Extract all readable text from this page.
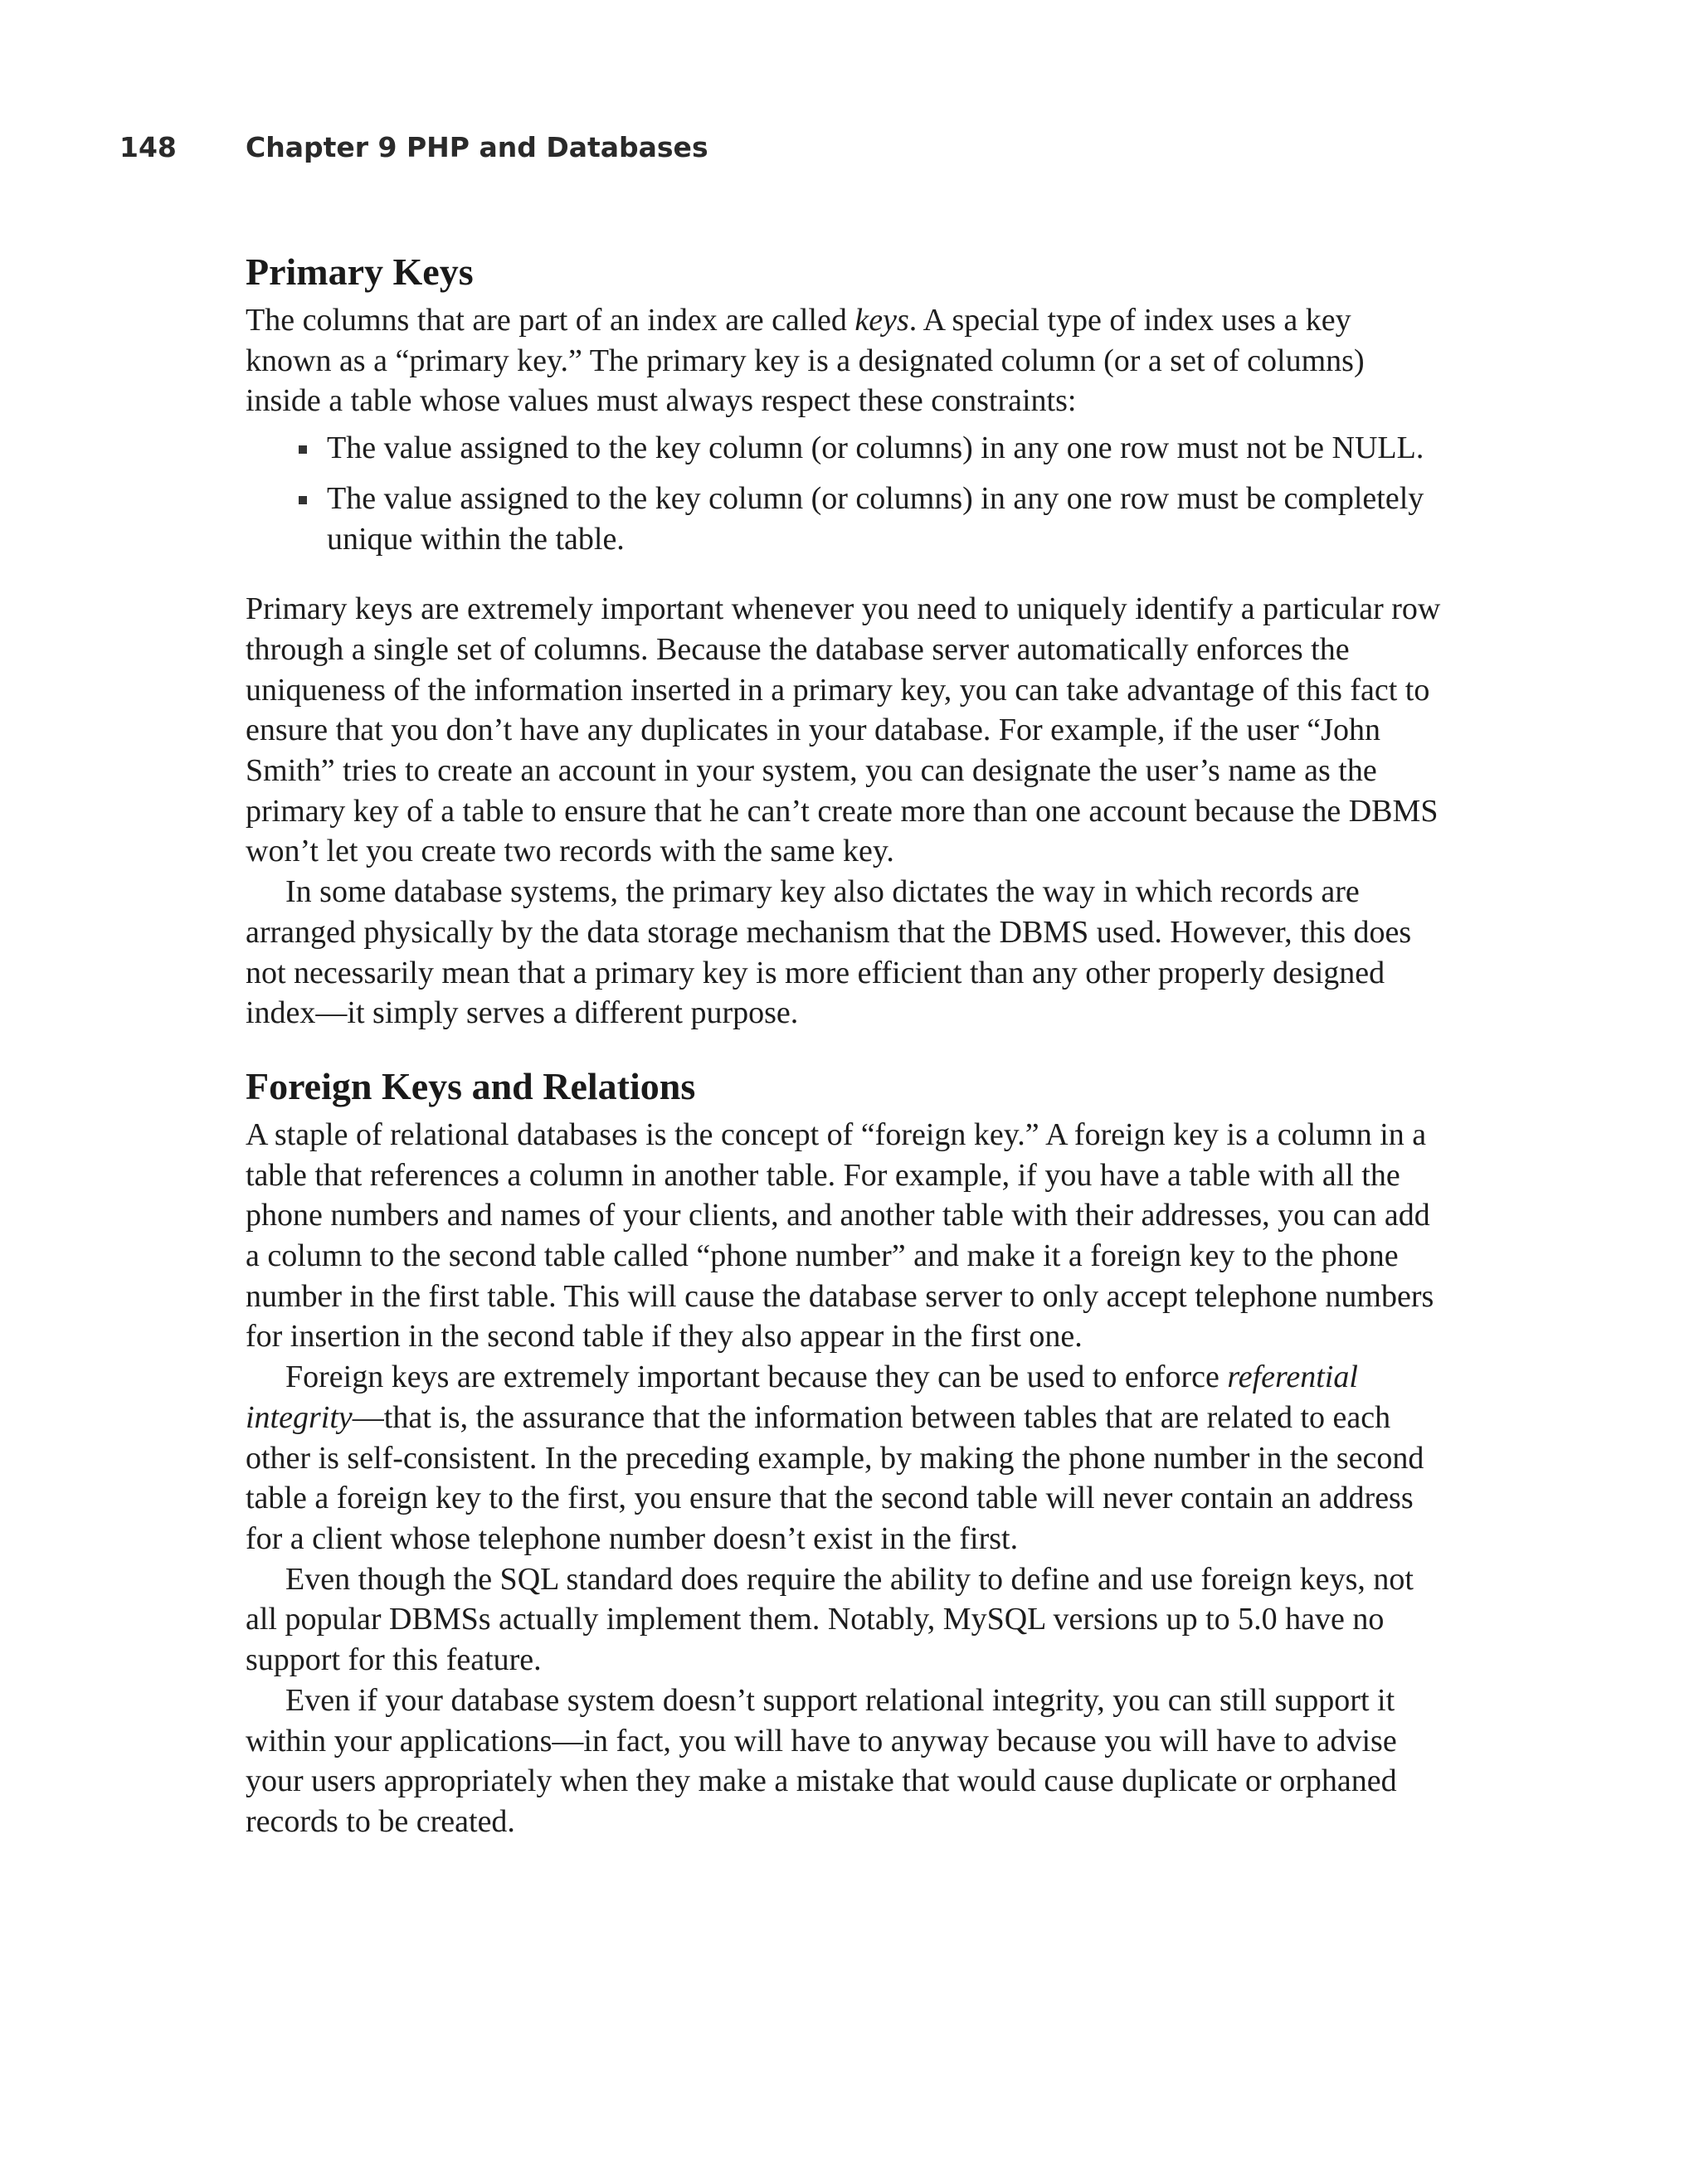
148	Chapter 9 PHP and Databases
Primary Keys

The columns that are part of an index are called keys. A special type of index uses a key known as a “primary key.” The primary key is a designated column (or a set of columns) inside a table whose values must always respect these constraints:

The value assigned to the key column (or columns) in any one row must not be NULL.
The value assigned to the key column (or columns) in any one row must be completely unique within the table.

Primary keys are extremely important whenever you need to uniquely identify a particular row through a single set of columns. Because the database server automatically enforces the uniqueness of the information inserted in a primary key, you can take advantage of this fact to ensure that you don’t have any duplicates in your database. For example, if the user “John Smith” tries to create an account in your system, you can designate the user’s name as the primary key of a table to ensure that he can’t create more than one account because the DBMS won’t let you create two records with the same key.

In some database systems, the primary key also dictates the way in which records are arranged physically by the data storage mechanism that the DBMS used. However, this does not necessarily mean that a primary key is more efficient than any other properly designed index—it simply serves a different purpose.

Foreign Keys and Relations

A staple of relational databases is the concept of “foreign key.” A foreign key is a column in a table that references a column in another table. For example, if you have a table with all the phone numbers and names of your clients, and another table with their addresses, you can add a column to the second table called “phone number” and make it a foreign key to the phone number in the first table. This will cause the database server to only accept telephone numbers for insertion in the second table if they also appear in the first one.

Foreign keys are extremely important because they can be used to enforce referential integrity—that is, the assurance that the information between tables that are related to each other is self-consistent. In the preceding example, by making the phone number in the second table a foreign key to the first, you ensure that the second table will never contain an address for a client whose telephone number doesn’t exist in the first.

Even though the SQL standard does require the ability to define and use foreign keys, not all popular DBMSs actually implement them. Notably, MySQL versions up to 5.0 have no support for this feature.

Even if your database system doesn’t support relational integrity, you can still support it within your applications—in fact, you will have to anyway because you will have to advise your users appropriately when they make a mistake that would cause duplicate or orphaned records to be created.
